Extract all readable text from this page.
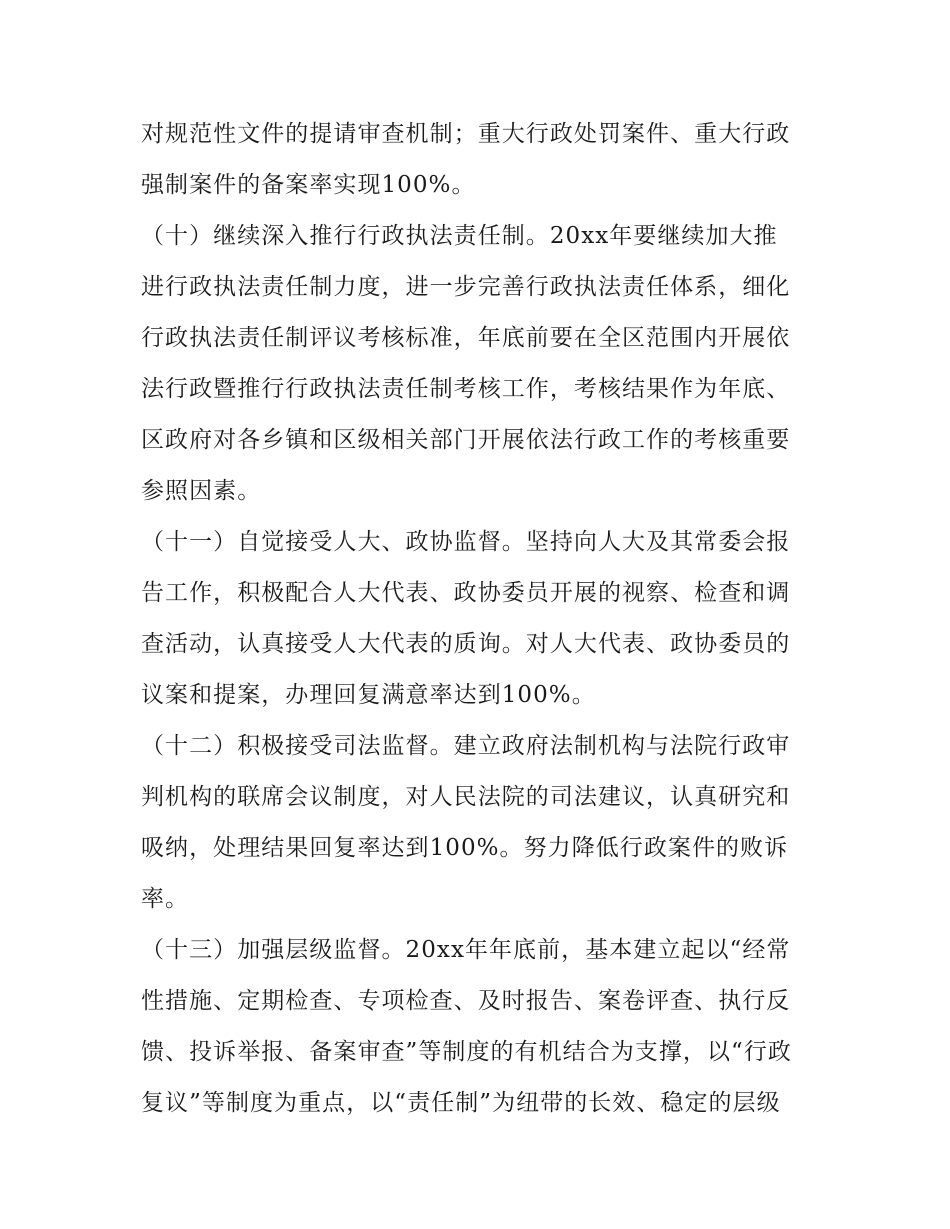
对规范性文件的提请审查机制；重大行政处罚案件、重大行政
强制案件的备案率实现100%。
（十）继续深入推行行政执法责任制。20xx年要继续加大推
进行政执法责任制力度，进一步完善行政执法责任体系，细化
行政执法责任制评议考核标准，年底前要在全区范围内开展依
法行政暨推行行政执法责任制考核工作，考核结果作为年底、
区政府对各乡镇和区级相关部门开展依法行政工作的考核重要
参照因素。
（十一）自觉接受人大、政协监督。坚持向人大及其常委会报
告工作，积极配合人大代表、政协委员开展的视察、检查和调
查活动，认真接受人大代表的质询。对人大代表、政协委员的
议案和提案，办理回复满意率达到100%。
（十二）积极接受司法监督。建立政府法制机构与法院行政审
判机构的联席会议制度，对人民法院的司法建议，认真研究和
吸纳，处理结果回复率达到100%。努力降低行政案件的败诉
率。
（十三）加强层级监督。20xx年年底前，基本建立起以“经常
性措施、定期检查、专项检查、及时报告、案卷评查、执行反
馈、投诉举报、备案审查”等制度的有机结合为支撑，以“行政
复议”等制度为重点，以“责任制”为纽带的长效、稳定的层级
